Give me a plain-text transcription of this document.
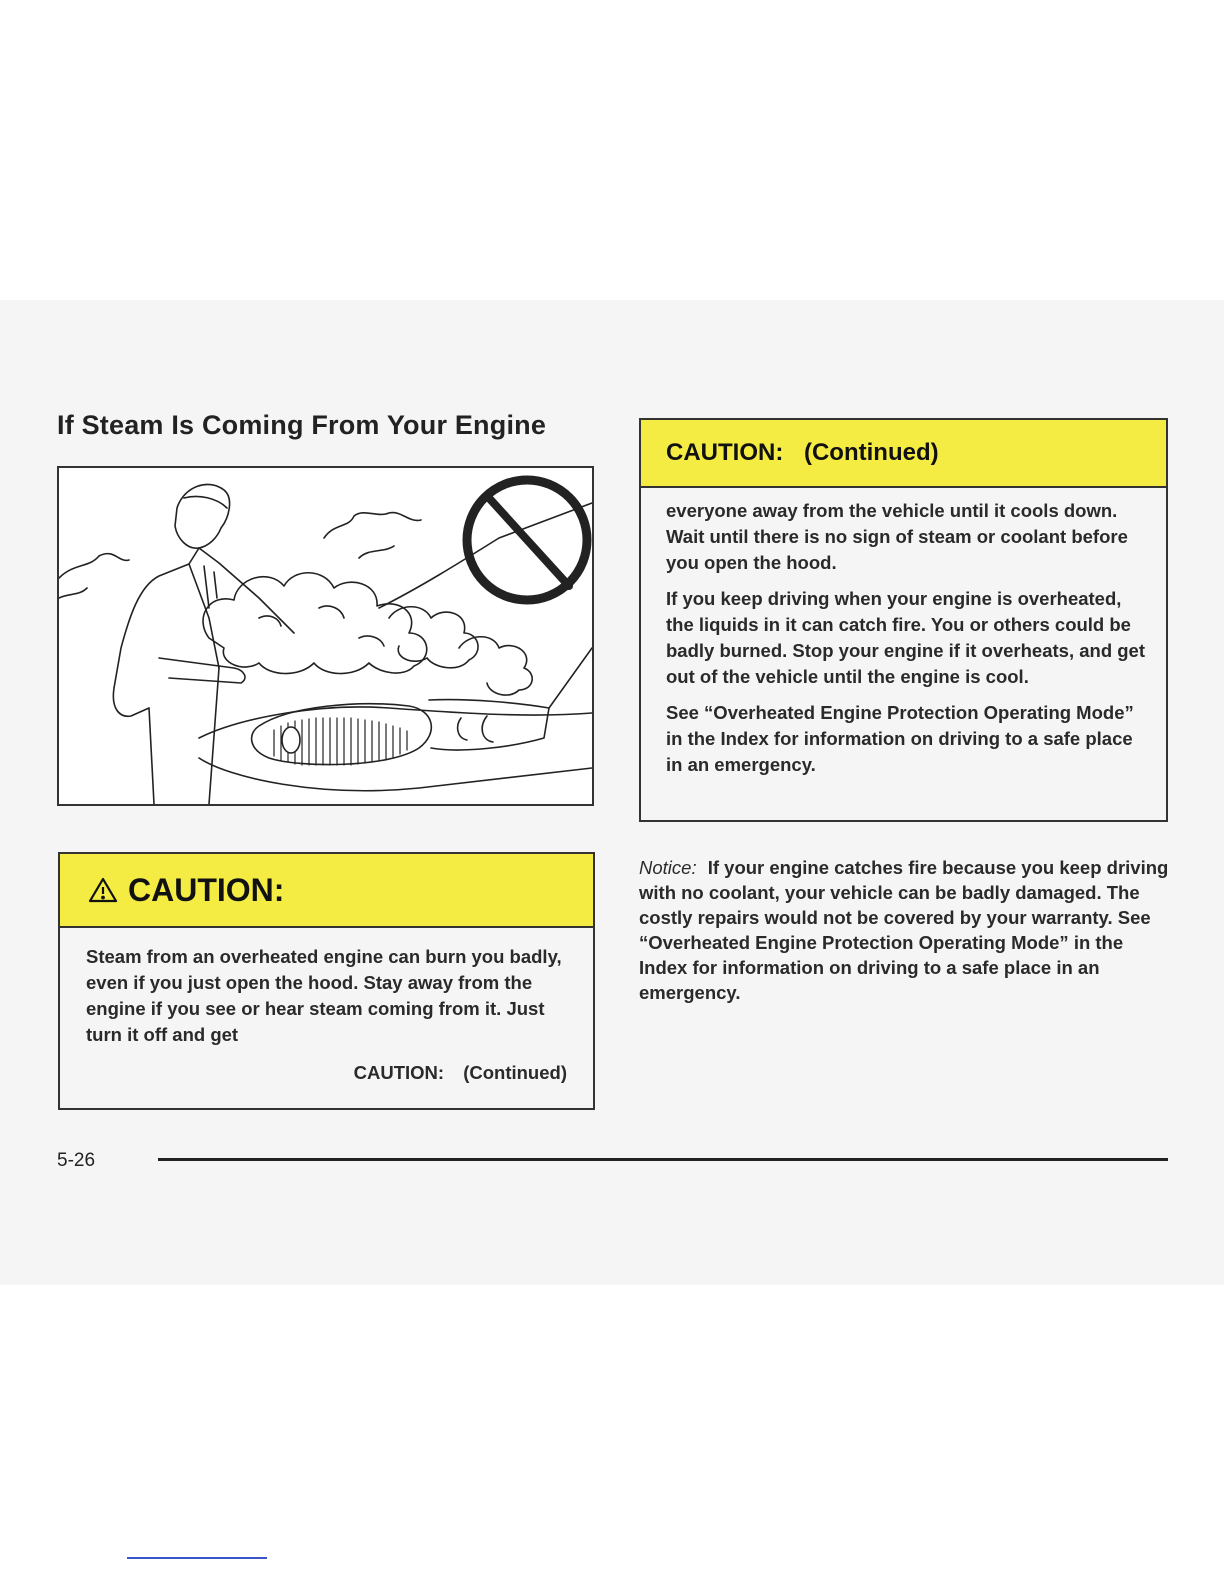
If Steam Is Coming From Your Engine
CAUTION:
Steam from an overheated engine can burn you badly, even if you just open the hood. Stay away from the engine if you see or hear steam coming from it. Just turn it off and get
CAUTION: (Continued)
CAUTION: (Continued)

everyone away from the vehicle until it cools down. Wait until there is no sign of steam or coolant before you open the hood.

If you keep driving when your engine is overheated, the liquids in it can catch fire. You or others could be badly burned. Stop your engine if it overheats, and get out of the vehicle until the engine is cool.

See “Overheated Engine Protection Operating Mode” in the Index for information on driving to a safe place in an emergency.

Notice: If your engine catches fire because you keep driving with no coolant, your vehicle can be badly damaged. The costly repairs would not be covered by your warranty. See “Overheated Engine Protection Operating Mode” in the Index for information on driving to a safe place in an emergency.
5-26
